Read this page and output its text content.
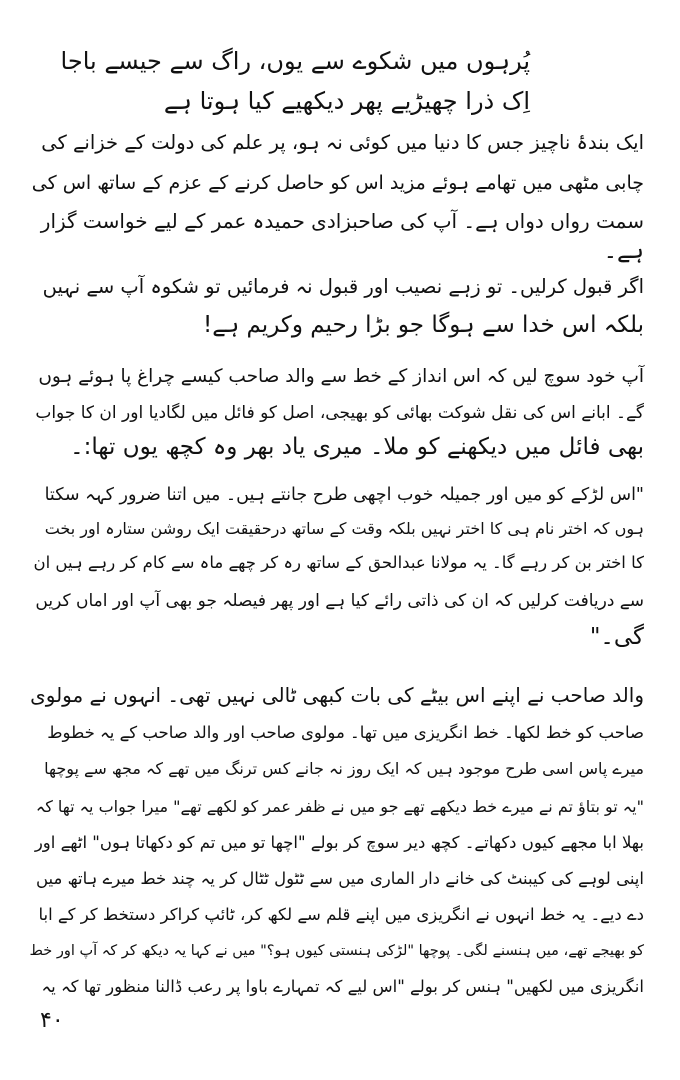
پُرہوں میں شکوے سے یوں، راگ سے جیسے باجا
اِک ذرا چھیڑیے پھر دیکھیے کیا ہوتا ہے
ایک بندۂ ناچیز جس کا دنیا میں کوئی نہ ہو، پر علم کی دولت کے خزانے کی
چابی مٹھی میں تھامے ہوئے مزید اس کو حاصل کرنے کے عزم کے ساتھ اس کی
سمت رواں دواں ہے۔ آپ کی صاحبزادی حمیدہ عمر کے لیے خواست گزار
ہے۔
اگر قبول کرلیں۔ تو زہے نصیب اور قبول نہ فرمائیں تو شکوہ آپ سے نہیں
بلکہ اس خدا سے ہوگا جو بڑا رحیم وکریم ہے!
آپ خود سوچ لیں کہ اس انداز کے خط سے والد صاحب کیسے چراغ پا ہوئے ہوں
گے۔ ابانے اس کی نقل شوکت بھائی کو بھیجی، اصل کو فائل میں لگادیا اور ان کا جواب
بھی فائل میں دیکھنے کو ملا۔ میری یاد بھر وہ کچھ یوں تھا:۔
"اس لڑکے کو میں اور جمیلہ خوب اچھی طرح جانتے ہیں۔ میں اتنا ضرور کہہ سکتا
ہوں کہ اختر نام ہی کا اختر نہیں بلکہ وقت کے ساتھ درحقیقت ایک روشن ستارہ اور بخت
کا اختر بن کر رہے گا۔ یہ مولانا عبدالحق کے ساتھ رہ کر چھے ماہ سے کام کر رہے ہیں ان
سے دریافت کرلیں کہ ان کی ذاتی رائے کیا ہے اور پھر فیصلہ جو بھی آپ اور اماں کریں
گی۔"
والد صاحب نے اپنے اس بیٹے کی بات کبھی ٹالی نہیں تھی۔ انہوں نے مولوی
صاحب کو خط لکھا۔ خط انگریزی میں تھا۔ مولوی صاحب اور والد صاحب کے یہ خطوط
میرے پاس اسی طرح موجود ہیں کہ ایک روز نہ جانے کس ترنگ میں تھے کہ مجھ سے پوچھا
"یہ تو بتاؤ تم نے میرے خط دیکھے تھے جو میں نے ظفر عمر کو لکھے تھے" میرا جواب یہ تھا کہ
بھلا ابا مجھے کیوں دکھاتے۔ کچھ دیر سوچ کر بولے "اچھا تو میں تم کو دکھاتا ہوں" اٹھے اور
اپنی لوہے کی کیبنٹ کی خانے دار الماری میں سے ٹٹول ٹٹال کر یہ چند خط میرے ہاتھ میں
دے دیے۔ یہ خط انہوں نے انگریزی میں اپنے قلم سے لکھ کر، ٹائپ کراکر دستخط کر کے ابا
کو بھیجے تھے، میں ہنسنے لگی۔ پوچھا "لڑکی ہنستی کیوں ہو؟" میں نے کہا یہ دیکھ کر کہ آپ اور خط
انگریزی میں لکھیں" ہنس کر بولے "اس لیے کہ تمہارے باوا پر رعب ڈالنا منظور تھا کہ یہ
۴۰
